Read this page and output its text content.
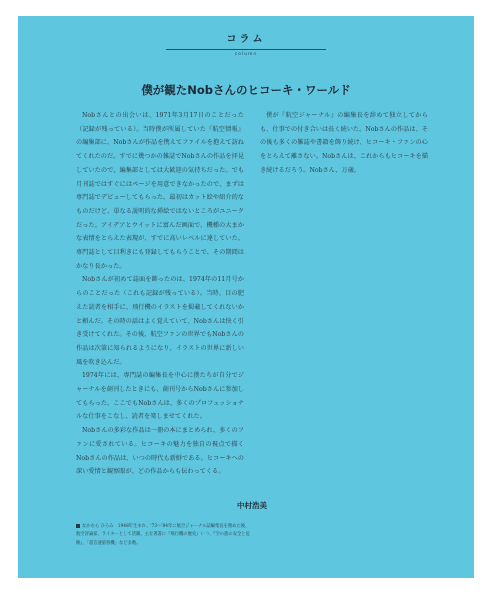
コラム
column
僕が観たNobさんのヒコーキ・ワールド

Nobさんとの出会いは、1971年3月17日のことだった（記録が残っている）。当時僕が所属していた『航空情報』の編集部に、Nobさんが作品を携えてファイルを抱えて訪ねてくれたのだ。すでに幾つかの雑誌でNobさんの作品を拝見していたので、編集部としては大歓迎の気持ちだった。でも月刊誌ではすぐにはページを用意できなかったので、まずは専門誌でデビューしてもらった。最初はカット絵や紹介的なものだけど、単なる説明的な挿絵ではないところがユニークだった。アイデアとウイットに富んだ画面で、機種の大まかな表情をとらえた表現が、すでに高いレベルに達していた。専門誌として目利きにも登録してもらうことで、その期間はかなり長かった。

Nobさんが初めて誌面を飾ったのは、1974年の11月号からのことだった（これも記録が残っている）。当時、目の肥えた読者を相手に、飛行機のイラストを掲載してくれないかと頼んだ。その時の話はよく覚えていて、Nobさんは快く引き受けてくれた。その後、航空ファンの世界でもNobさんの作品は次第に知られるようになり、イラストの世界に新しい風を吹き込んだ。

1974年には、専門誌の編集長を中心に僕たちが自分でジャーナルを創刊したときにも、創刊号からNobさんに参加してもらった。ここでもNobさんは、多くのプロフェッショナルな仕事をこなし、読者を楽しませてくれた。

Nobさんの多彩な作品は一冊の本にまとめられ、多くのファンに愛されている。ヒコーキの魅力を独自の視点で描くNobさんの作品は、いつの時代も新鮮である。ヒコーキへの深い愛情と観察眼が、どの作品からも伝わってくる。

僕が『航空ジャーナル』の編集長を辞めて独立してからも、仕事での付き合いは長く続いた。Nobさんの作品は、その後も多くの雑誌や書籍を飾り続け、ヒコーキ・ファンの心をとらえて離さない。Nobさんは、これからもヒコーキを描き続けるだろう。Nobさん、万歳。

中村浩美
なかむら ひろみ　1948年生まれ。'73〜'84年に航空ジャーナル誌編集長を務めた後、航空評論家、ライターとして活躍。主な著書に『飛行機の歴史』（一）、『空の旅の安全と危険』、「超音速旅客機」など多数。
